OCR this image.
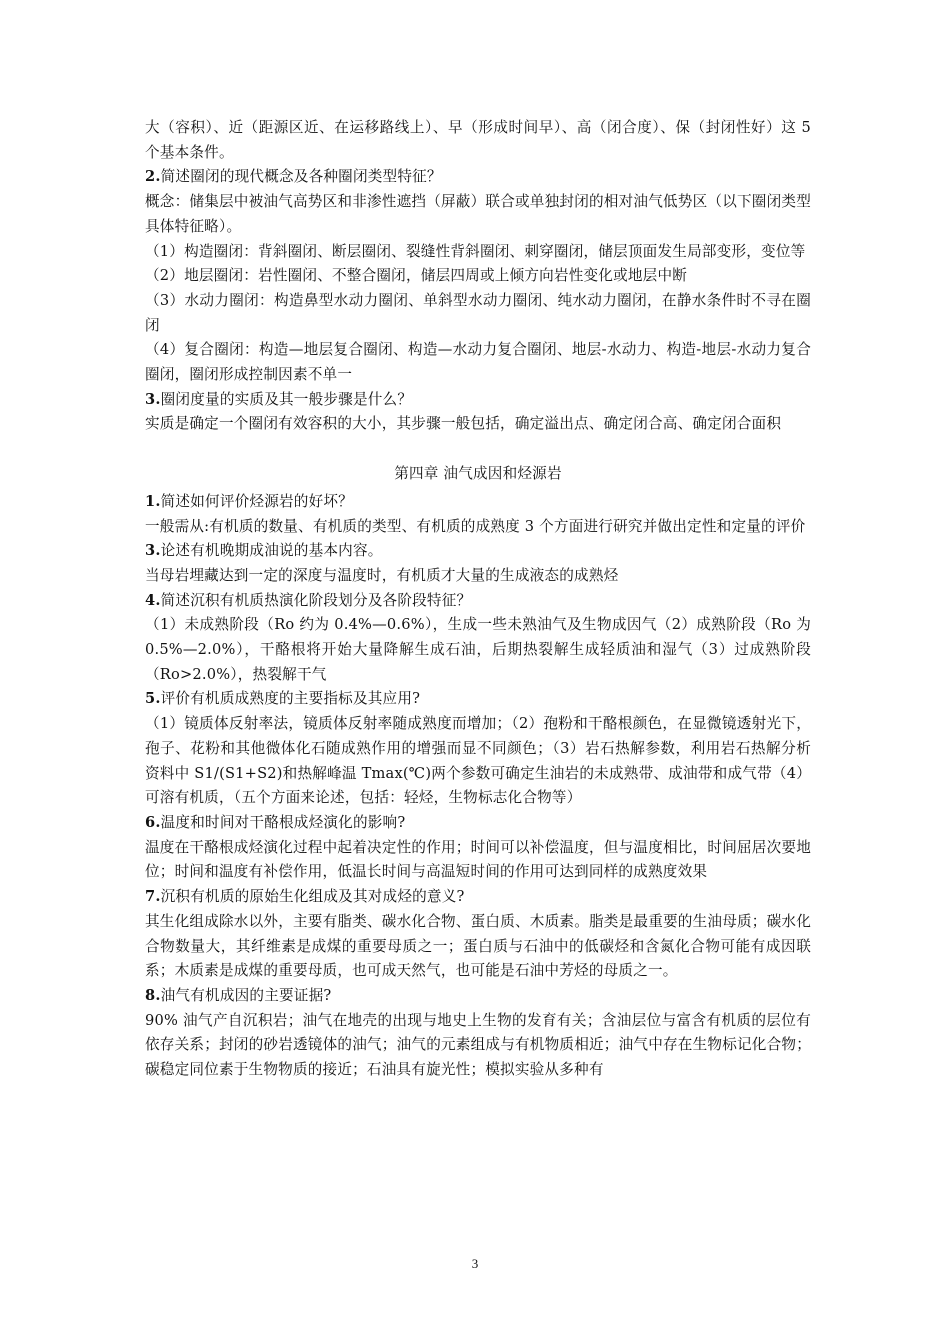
大（容积）、近（距源区近、在运移路线上）、早（形成时间早）、高（闭合度）、保（封闭性好）这 5 个基本条件。

2.简述圈闭的现代概念及各种圈闭类型特征？

概念：储集层中被油气高势区和非渗性遮挡（屏蔽）联合或单独封闭的相对油气低势区（以下圈闭类型具体特征略）。

（1）构造圈闭：背斜圈闭、断层圈闭、裂缝性背斜圈闭、刺穿圈闭，储层顶面发生局部变形，变位等

（2）地层圈闭：岩性圈闭、不整合圈闭，储层四周或上倾方向岩性变化或地层中断

（3）水动力圈闭：构造鼻型水动力圈闭、单斜型水动力圈闭、纯水动力圈闭，在静水条件时不寻在圈闭

（4）复合圈闭：构造—地层复合圈闭、构造—水动力复合圈闭、地层-水动力、构造-地层-水动力复合圈闭，圈闭形成控制因素不单一

3.圈闭度量的实质及其一般步骤是什么？

实质是确定一个圈闭有效容积的大小，其步骤一般包括，确定溢出点、确定闭合高、确定闭合面积

第四章 油气成因和烃源岩

1.简述如何评价烃源岩的好坏？

一般需从:有机质的数量、有机质的类型、有机质的成熟度 3 个方面进行研究并做出定性和定量的评价

3.论述有机晚期成油说的基本内容。

当母岩埋藏达到一定的深度与温度时，有机质才大量的生成液态的成熟烃

4.简述沉积有机质热演化阶段划分及各阶段特征？

（1）未成熟阶段（Ro 约为 0.4%—0.6%），生成一些未熟油气及生物成因气（2）成熟阶段（Ro 为 0.5%—2.0%），干酪根将开始大量降解生成石油，后期热裂解生成轻质油和湿气（3）过成熟阶段（Ro>2.0%），热裂解干气

5.评价有机质成熟度的主要指标及其应用?

（1）镜质体反射率法，镜质体反射率随成熟度而增加；（2）孢粉和干酪根颜色，在显微镜透射光下，孢子、花粉和其他微体化石随成熟作用的增强而显不同颜色；（3）岩石热解参数，利用岩石热解分析资料中 S1/(S1+S2)和热解峰温 Tmax(℃)两个参数可确定生油岩的未成熟带、成油带和成气带（4）可溶有机质，（五个方面来论述，包括：轻烃，生物标志化合物等）

6.温度和时间对干酪根成烃演化的影响?

温度在干酪根成烃演化过程中起着决定性的作用；时间可以补偿温度，但与温度相比，时间屈居次要地位；时间和温度有补偿作用，低温长时间与高温短时间的作用可达到同样的成熟度效果

7.沉积有机质的原始生化组成及其对成烃的意义?

其生化组成除水以外，主要有脂类、碳水化合物、蛋白质、木质素。脂类是最重要的生油母质；碳水化合物数量大，其纤维素是成煤的重要母质之一；蛋白质与石油中的低碳烃和含氮化合物可能有成因联系；木质素是成煤的重要母质，也可成天然气，也可能是石油中芳烃的母质之一。

8.油气有机成因的主要证据?

90% 油气产自沉积岩；油气在地壳的出现与地史上生物的发育有关；含油层位与富含有机质的层位有依存关系；封闭的砂岩透镜体的油气；油气的元素组成与有机物质相近；油气中存在生物标记化合物；碳稳定同位素于生物物质的接近；石油具有旋光性；模拟实验从多种有

3
